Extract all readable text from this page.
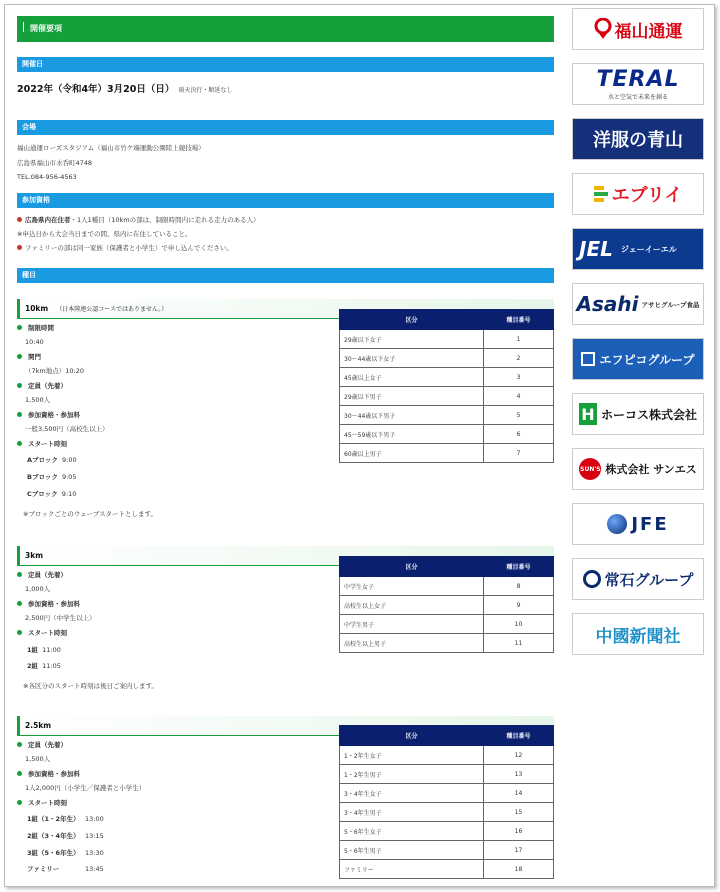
開催要項
開催日
2022年（令和4年）3月20日（日） 雨天決行・順延なし
会場
福山通運ローズスタジアム（福山市竹ケ端運動公園陸上競技場）
広島県福山市水呑町4748
TEL.084-956-4563
参加資格
広島県内在住者・1人1種目（10kmの部は、制限時間内に走れる走力のある人）
※申込日から大会当日までの間、県内に在住していること。
ファミリーの部は同一家族（保護者と小学生）で申し込んでください。
種目
10km （日本陸連公認コースではありません。）
制限時間
10:40
関門
（7km地点）10:20
定員（先着）
1,500人
参加資格・参加料
一般3,500円（高校生以上）
スタート時刻
Aブロック 9:00
Bブロック 9:05
Cブロック 9:10
※ブロックごとのウェーブスタートとします。
区分	種目番号
29歳以下女子	1
30～44歳以下女子	2
45歳以上女子	3
29歳以下男子	4
30～44歳以下男子	5
45～59歳以下男子	6
60歳以上男子	7
3km
定員（先着）
1,000人
参加資格・参加料
2,500円（中学生以上）
スタート時刻
1組 11:00
2組 11:05
※各区分のスタート時刻は後日ご案内します。
区分	種目番号
中学生女子	8
高校生以上女子	9
中学生男子	10
高校生以上男子	11
2.5km
定員（先着）
1,500人
参加資格・参加料
1人2,000円（小学生／保護者と小学生）
スタート時刻
1組（1・2年生） 13:00
2組（3・4年生） 13:15
3組（5・6年生） 13:30
ファミリー	13:45
区分	種目番号
1・2年生女子	12
1・2年生男子	13
3・4年生女子	14
3・4年生男子	15
5・6年生女子	16
5・6年生男子	17
ファミリー	18
福山通運
TERAL
水と空気で未来を創る
洋服の青山
エブリイ
JEL ジェーイーエル
Asahi アサヒグループ食品
エフピコグループ
H ホーコス株式会社
SUN'S 株式会社 サンエス
JFE
常石グループ
中國新聞社
